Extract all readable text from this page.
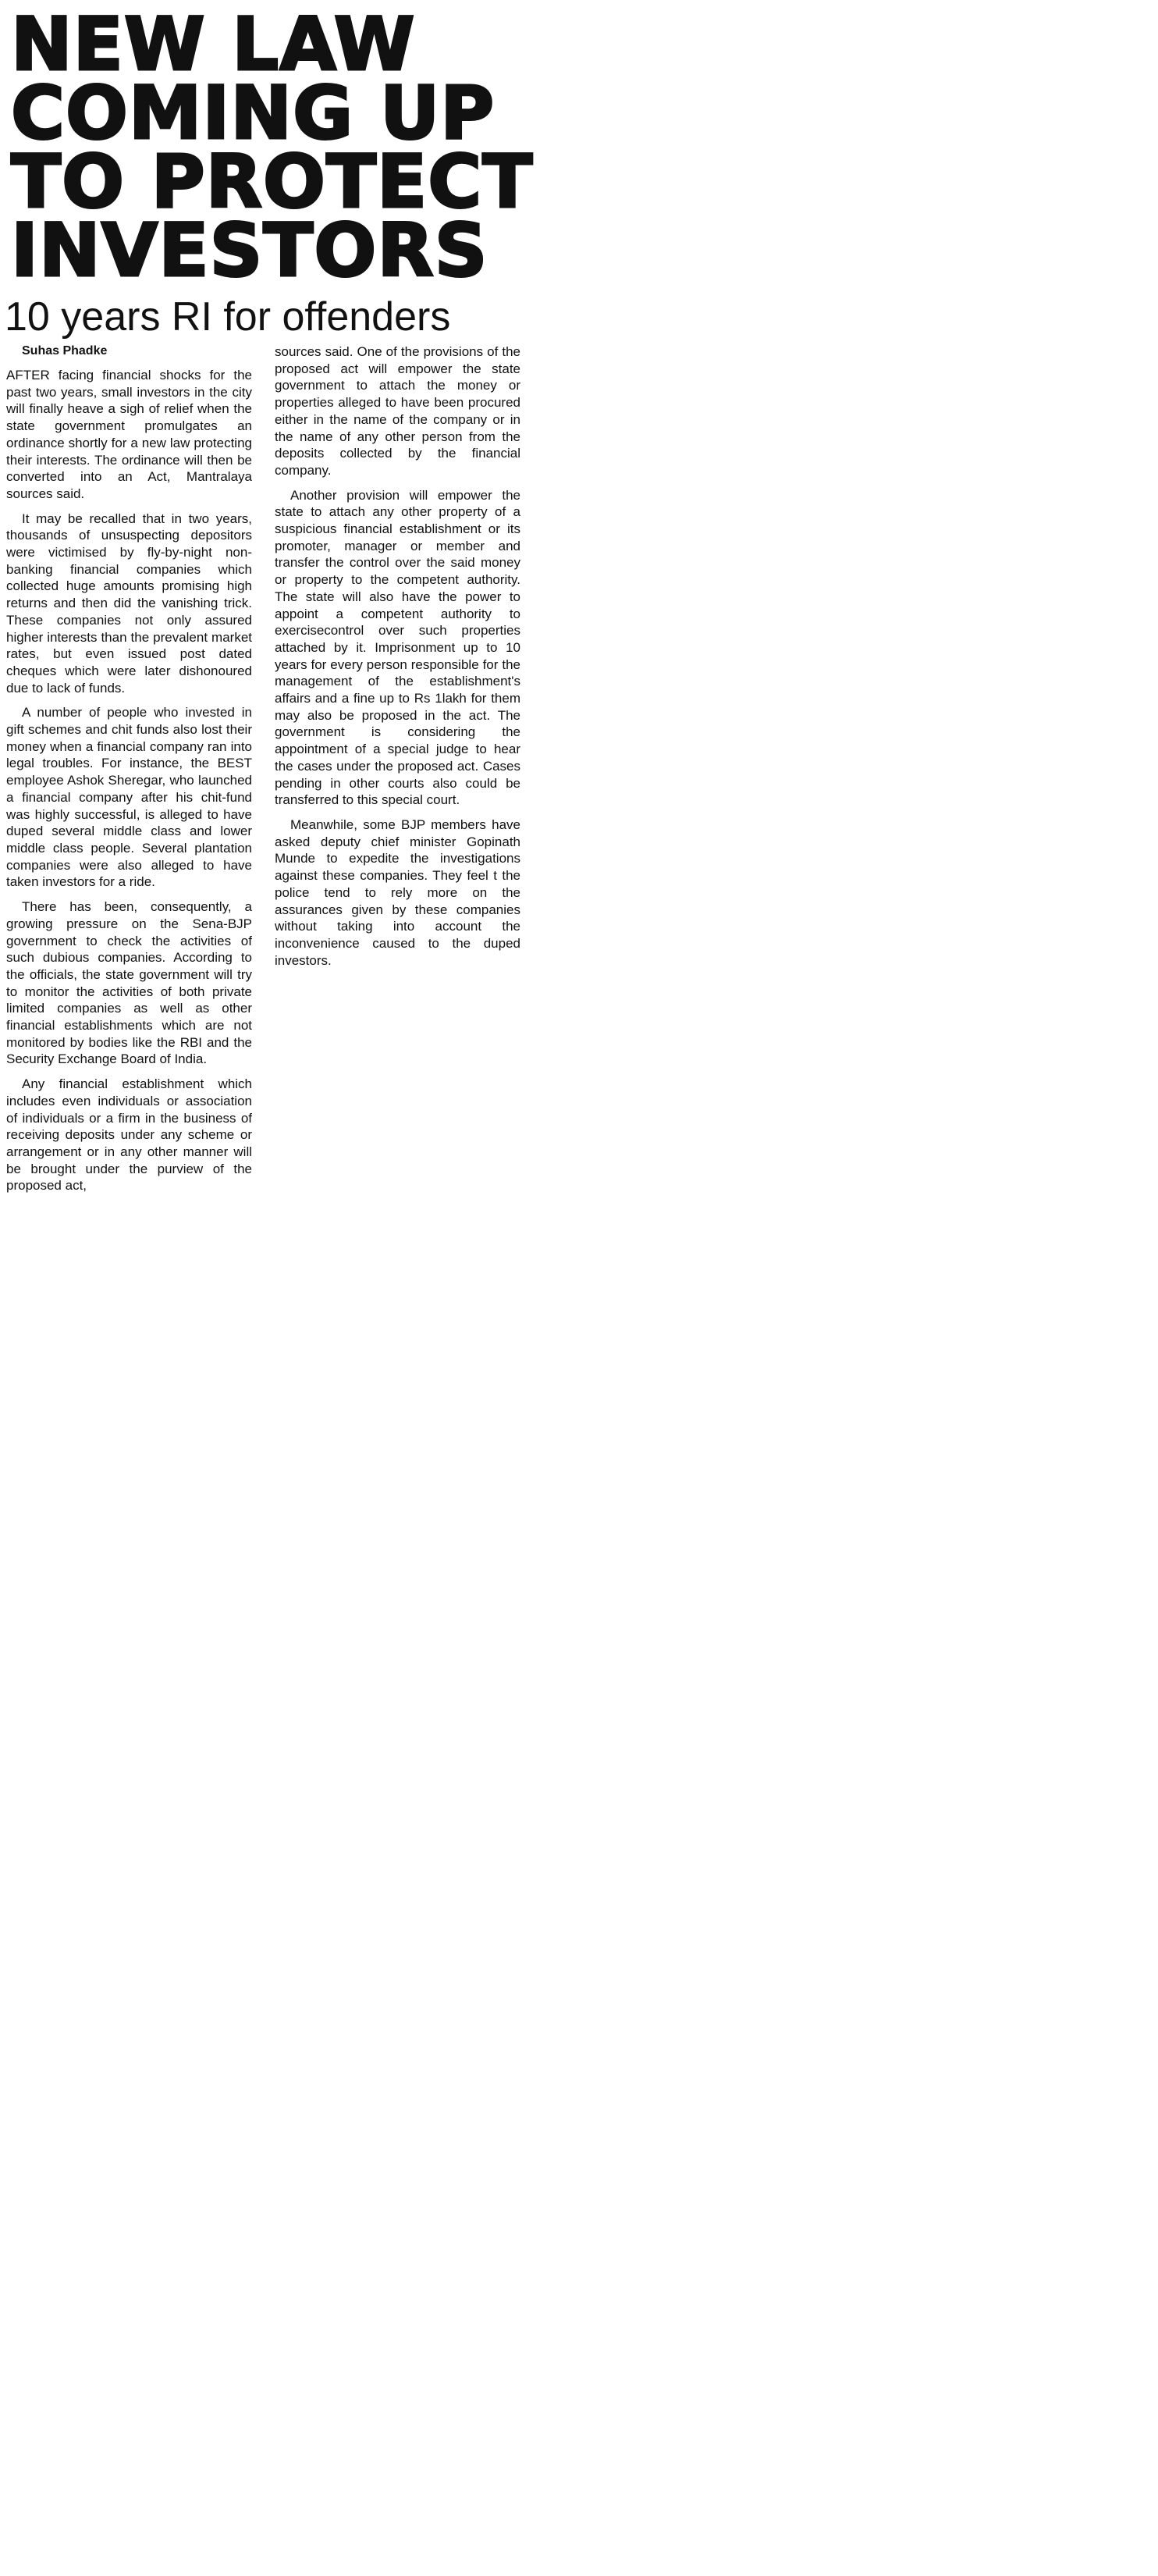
NEW LAW
COMING UP
TO PROTECT
INVESTORS
10 years RI for offenders

Suhas Phadke

AFTER facing financial shocks for the past two years, small investors in the city will finally heave a sigh of relief when the state government promulgates an ordinance shortly for a new law protecting their interests. The ordinance will then be converted into an Act, Mantralaya sources said.

It may be recalled that in two years, thousands of unsuspecting depositors were victimised by fly-by-night non-banking financial companies which collected huge amounts promising high returns and then did the vanishing trick. These companies not only assured higher interests than the prevalent market rates, but even issued post dated cheques which were later dishonoured due to lack of funds.

A number of people who invested in gift schemes and chit funds also lost their money when a financial company ran into legal troubles. For instance, the BEST employee Ashok Sheregar, who launched a financial company after his chit-fund was highly successful, is alleged to have duped several middle class and lower middle class people. Several plantation companies were also alleged to have taken investors for a ride.

There has been, consequently, a growing pressure on the Sena-BJP government to check the activities of such dubious companies. According to the officials, the state government will try to monitor the activities of both private limited companies as well as other financial establishments which are not monitored by bodies like the RBI and the Security Exchange Board of India.

Any financial establishment which includes even individuals or association of individuals or a firm in the business of receiving deposits under any scheme or arrangement or in any other manner will be brought under the purview of the proposed act,

sources said. One of the provisions of the proposed act will empower the state government to attach the money or properties alleged to have been procured either in the name of the company or in the name of any other person from the deposits collected by the financial company.

Another provision will empower the state to attach any other property of a suspicious financial establishment or its promoter, manager or member and transfer the control over the said money or property to the competent authority. The state will also have the power to appoint a competent authority to exercisecontrol over such properties attached by it. Imprisonment up to 10 years for every person responsible for the management of the establishment's affairs and a fine up to Rs 1lakh for them may also be proposed in the act. The government is considering the appointment of a special judge to hear the cases under the proposed act. Cases pending in other courts also could be transferred to this special court.

Meanwhile, some BJP members have asked deputy chief minister Gopinath Munde to expedite the investigations against these companies. They feel t the police tend to rely more on the assurances given by these companies without taking into account the inconvenience caused to the duped investors.
